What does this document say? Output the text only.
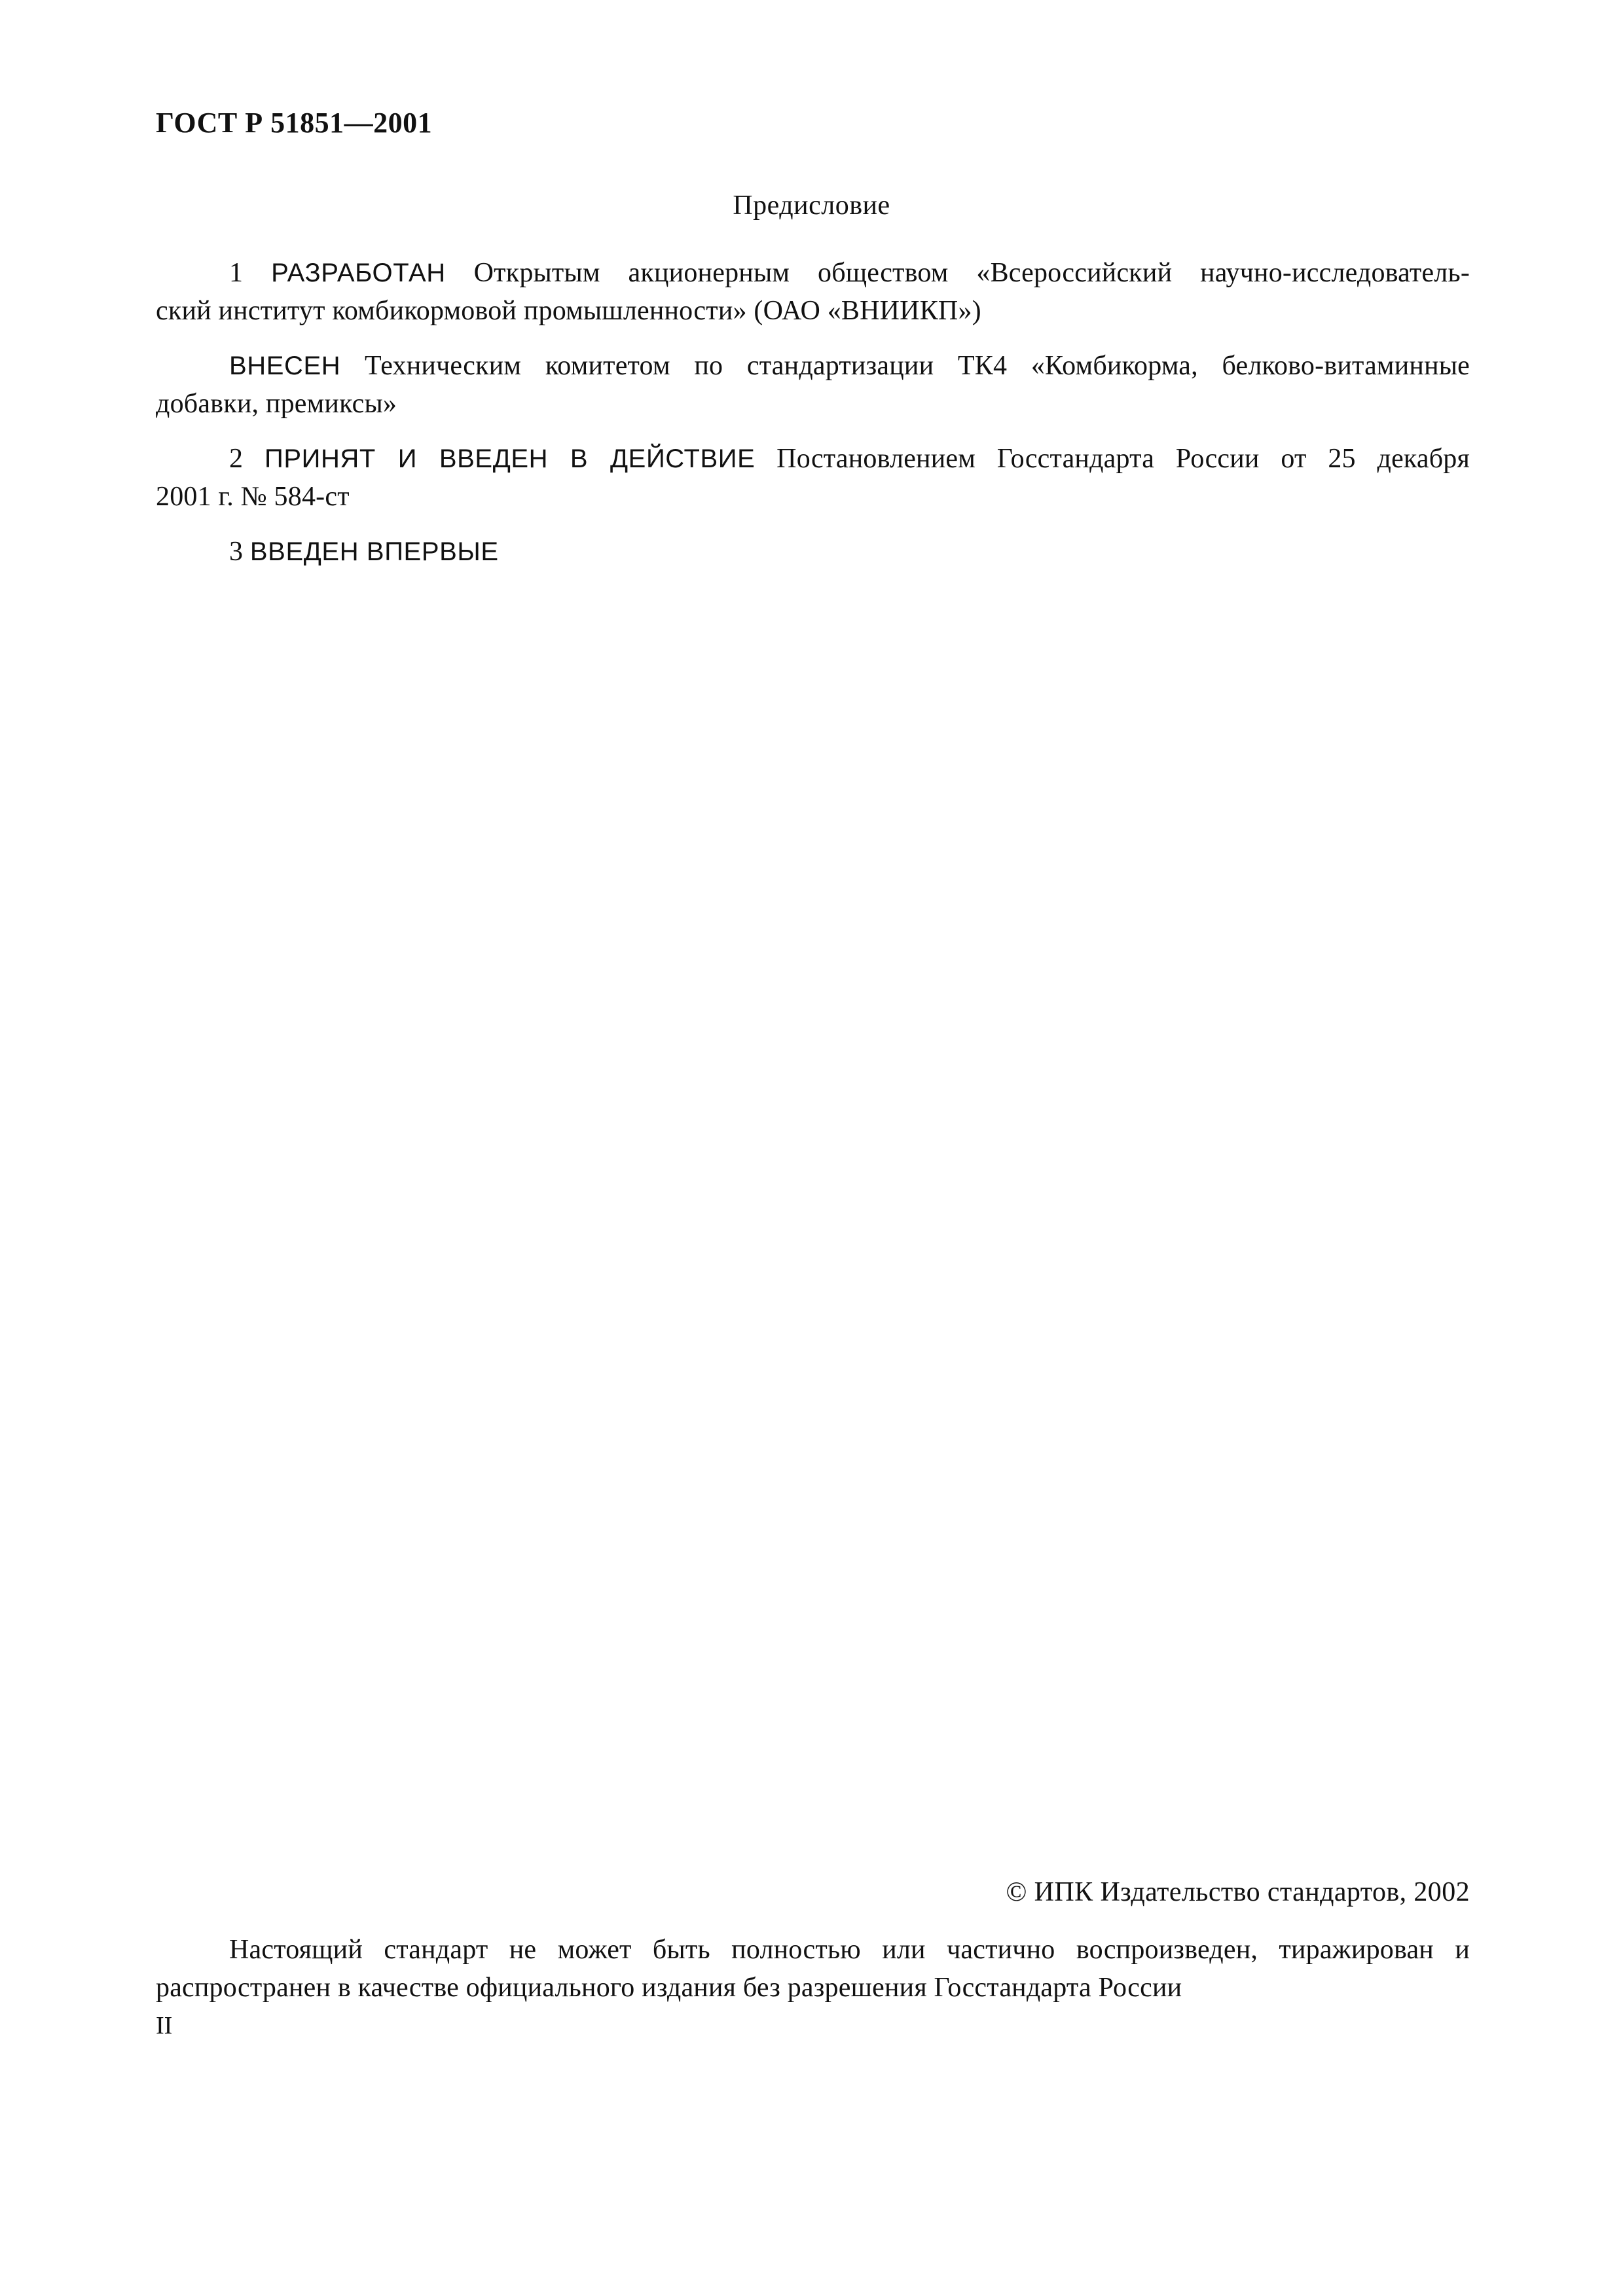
ГОСТ Р 51851—2001
Предисловие
1 РАЗРАБОТАН Открытым акционерным обществом «Всероссийский научно-исследователь-
ский институт комбикормовой промышленности» (ОАО «ВНИИКП»)
ВНЕСЕН Техническим комитетом по стандартизации ТК4 «Комбикорма, белково-витаминные
добавки, премиксы»
2 ПРИНЯТ И ВВЕДЕН В ДЕЙСТВИЕ Постановлением Госстандарта России от 25 декабря
2001 г. № 584-ст
3 ВВЕДЕН ВПЕРВЫЕ
© ИПК Издательство стандартов, 2002
Настоящий стандарт не может быть полностью или частично воспроизведен, тиражирован и
распространен в качестве официального издания без разрешения Госстандарта России
II
